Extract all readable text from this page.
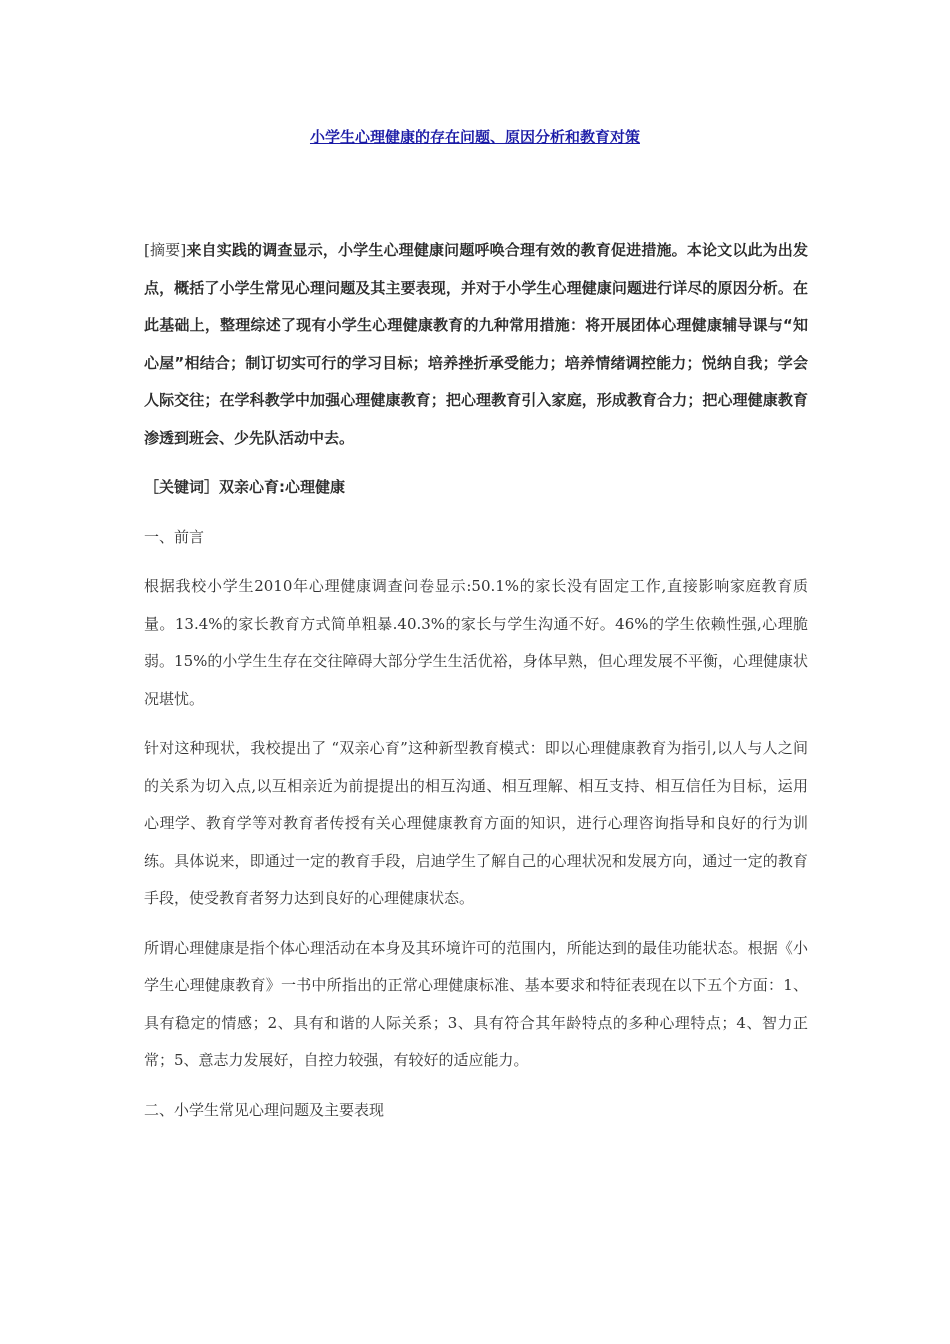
小学生心理健康的存在问题、原因分析和教育对策

[摘要]来自实践的调查显示，小学生心理健康问题呼唤合理有效的教育促进措施。本论文以此为出发点，概括了小学生常见心理问题及其主要表现，并对于小学生心理健康问题进行详尽的原因分析。在此基础上，整理综述了现有小学生心理健康教育的九种常用措施：将开展团体心理健康辅导课与“知心屋”相结合；制订切实可行的学习目标；培养挫折承受能力；培养情绪调控能力；悦纳自我；学会人际交往；在学科教学中加强心理健康教育；把心理教育引入家庭，形成教育合力；把心理健康教育渗透到班会、少先队活动中去。

［关键词］双亲心育:心理健康

一、前言

根据我校小学生2010年心理健康调查问卷显示:50.1%的家长没有固定工作,直接影响家庭教育质量。13.4%的家长教育方式简单粗暴.40.3%的家长与学生沟通不好。46%的学生依赖性强,心理脆弱。15%的小学生生存在交往障碍大部分学生生活优裕，身体早熟，但心理发展不平衡，心理健康状况堪忧。

针对这种现状，我校提出了 “双亲心育”这种新型教育模式：即以心理健康教育为指引,以人与人之间的关系为切入点,以互相亲近为前提提出的相互沟通、相互理解、相互支持、相互信任为目标，运用心理学、教育学等对教育者传授有关心理健康教育方面的知识，进行心理咨询指导和良好的行为训练。具体说来，即通过一定的教育手段，启迪学生了解自己的心理状况和发展方向，通过一定的教育手段，使受教育者努力达到良好的心理健康状态。

所谓心理健康是指个体心理活动在本身及其环境许可的范围内，所能达到的最佳功能状态。根据《小学生心理健康教育》一书中所指出的正常心理健康标准、基本要求和特征表现在以下五个方面：1、具有稳定的情感；2、具有和谐的人际关系；3、具有符合其年龄特点的多种心理特点；4、智力正常；5、意志力发展好，自控力较强，有较好的适应能力。

二、小学生常见心理问题及主要表现
